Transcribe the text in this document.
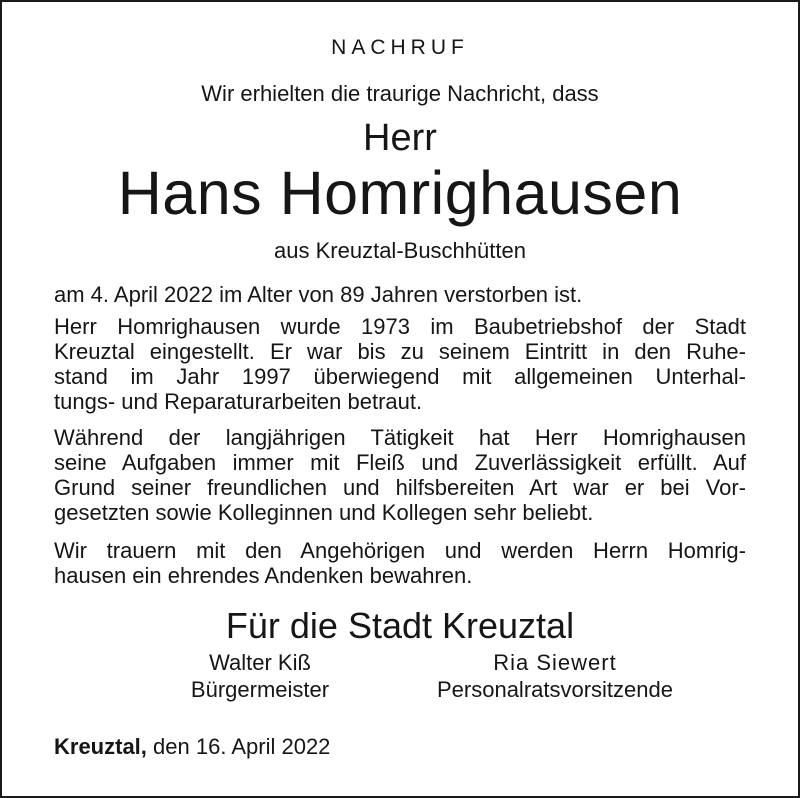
NACHRUF
Wir erhielten die traurige Nachricht, dass
Herr
Hans Homrighausen
aus Kreuztal-Buschhütten
am 4. April 2022 im Alter von 89 Jahren verstorben ist.
Herr Homrighausen wurde 1973 im Baubetriebshof der Stadt
Kreuztal eingestellt. Er war bis zu seinem Eintritt in den Ruhe-
stand im Jahr 1997 überwiegend mit allgemeinen Unterhal-
tungs- und Reparaturarbeiten betraut.
Während der langjährigen Tätigkeit hat Herr Homrighausen
seine Aufgaben immer mit Fleiß und Zuverlässigkeit erfüllt. Auf
Grund seiner freundlichen und hilfsbereiten Art war er bei Vor-
gesetzten sowie Kolleginnen und Kollegen sehr beliebt.
Wir trauern mit den Angehörigen und werden Herrn Homrig-
hausen ein ehrendes Andenken bewahren.
Für die Stadt Kreuztal
Walter Kiß	Ria Siewert
Bürgermeister	Personalratsvorsitzende
Kreuztal, den 16. April 2022
